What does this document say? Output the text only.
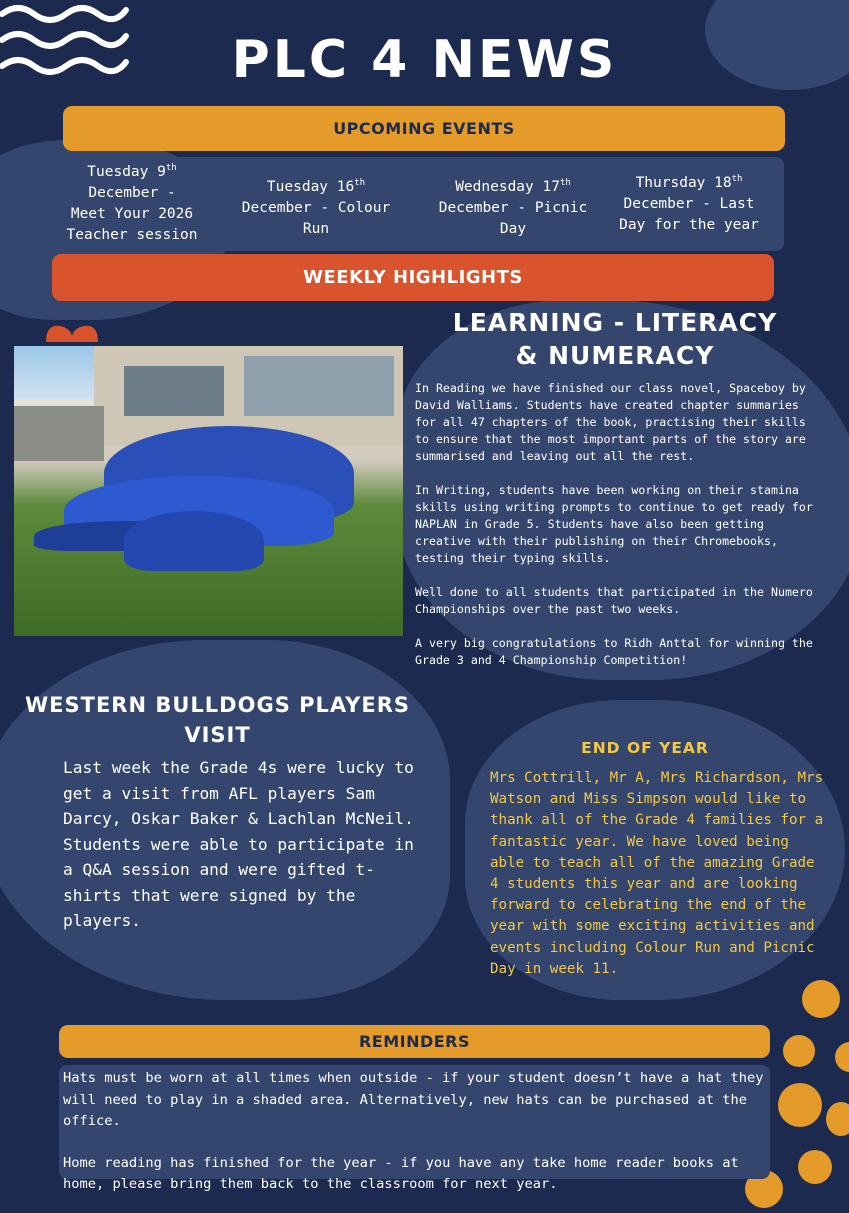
PLC 4 NEWS
UPCOMING EVENTS
Tuesday 9th
December -
Meet Your 2026
Teacher session
Tuesday 16th
December - Colour
Run
Wednesday 17th
December - Picnic
Day
Thursday 18th
December - Last
Day for the year
WEEKLY HIGHLIGHTS
LEARNING - LITERACY
& NUMERACY

In Reading we have finished our class novel, Spaceboy by David Walliams. Students have created chapter summaries for all 47 chapters of the book, practising their skills to ensure that the most important parts of the story are summarised and leaving out all the rest.

In Writing, students have been working on their stamina skills using writing prompts to continue to get ready for NAPLAN in Grade 5. Students have also been getting creative with their publishing on their Chromebooks, testing their typing skills.

Well done to all students that participated in the Numero Championships over the past two weeks.

A very big congratulations to Ridh Anttal for winning the Grade 3 and 4 Championship Competition!

WESTERN BULLDOGS PLAYERS
VISIT
Last week the Grade 4s were lucky to get a visit from AFL players Sam Darcy, Oskar Baker & Lachlan McNeil. Students were able to participate in a Q&A session and were gifted t-shirts that were signed by the players.
END OF YEAR
Mrs Cottrill, Mr A, Mrs Richardson, Mrs Watson and Miss Simpson would like to thank all of the Grade 4 families for a fantastic year. We have loved being able to teach all of the amazing Grade 4 students this year and are looking forward to celebrating the end of the year with some exciting activities and events including Colour Run and Picnic Day in week 11.
REMINDERS

Hats must be worn at all times when outside - if your student doesn’t have a hat they will need to play in a shaded area. Alternatively, new hats can be purchased at the office.

Home reading has finished for the year - if you have any take home reader books at home, please bring them back to the classroom for next year.
